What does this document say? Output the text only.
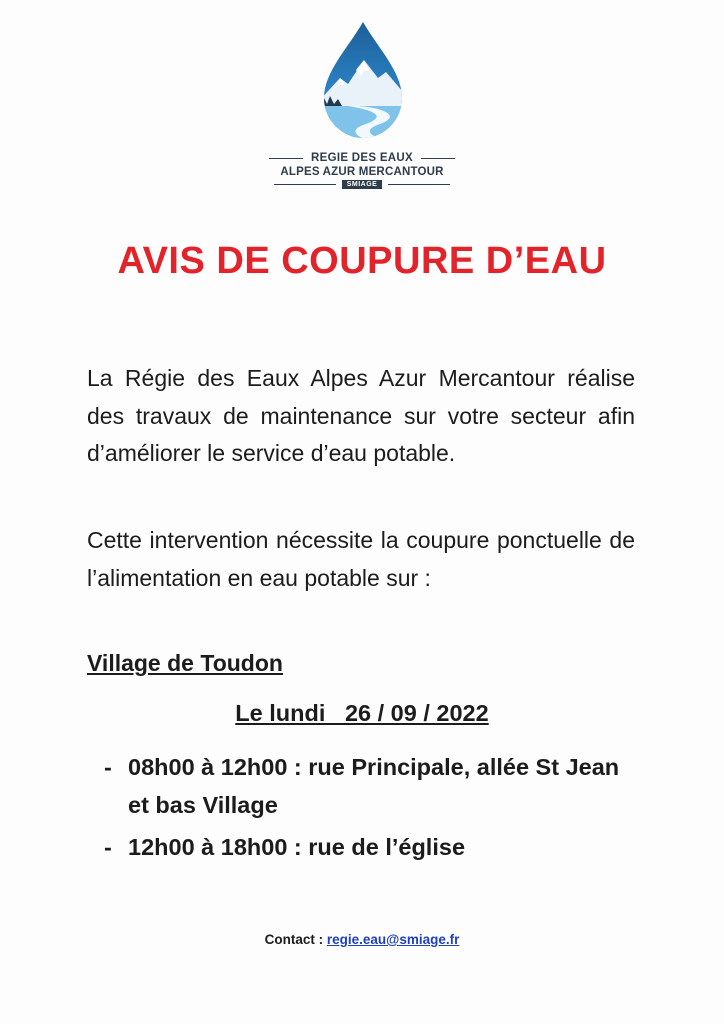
REGIE DES EAUX
ALPES AZUR MERCANTOUR
SMIAGE
AVIS DE COUPURE D’EAU
La Régie des Eaux Alpes Azur Mercantour réalise des travaux de maintenance sur votre secteur afin d’améliorer le service d’eau potable.
Cette intervention nécessite la coupure ponctuelle de l’alimentation en eau potable sur :
Village de Toudon
Le lundi   26 / 09 / 2022
- 08h00 à 12h00 : rue Principale, allée St Jean et bas Village
- 12h00 à 18h00 : rue de l’église
Contact : regie.eau@smiage.fr
